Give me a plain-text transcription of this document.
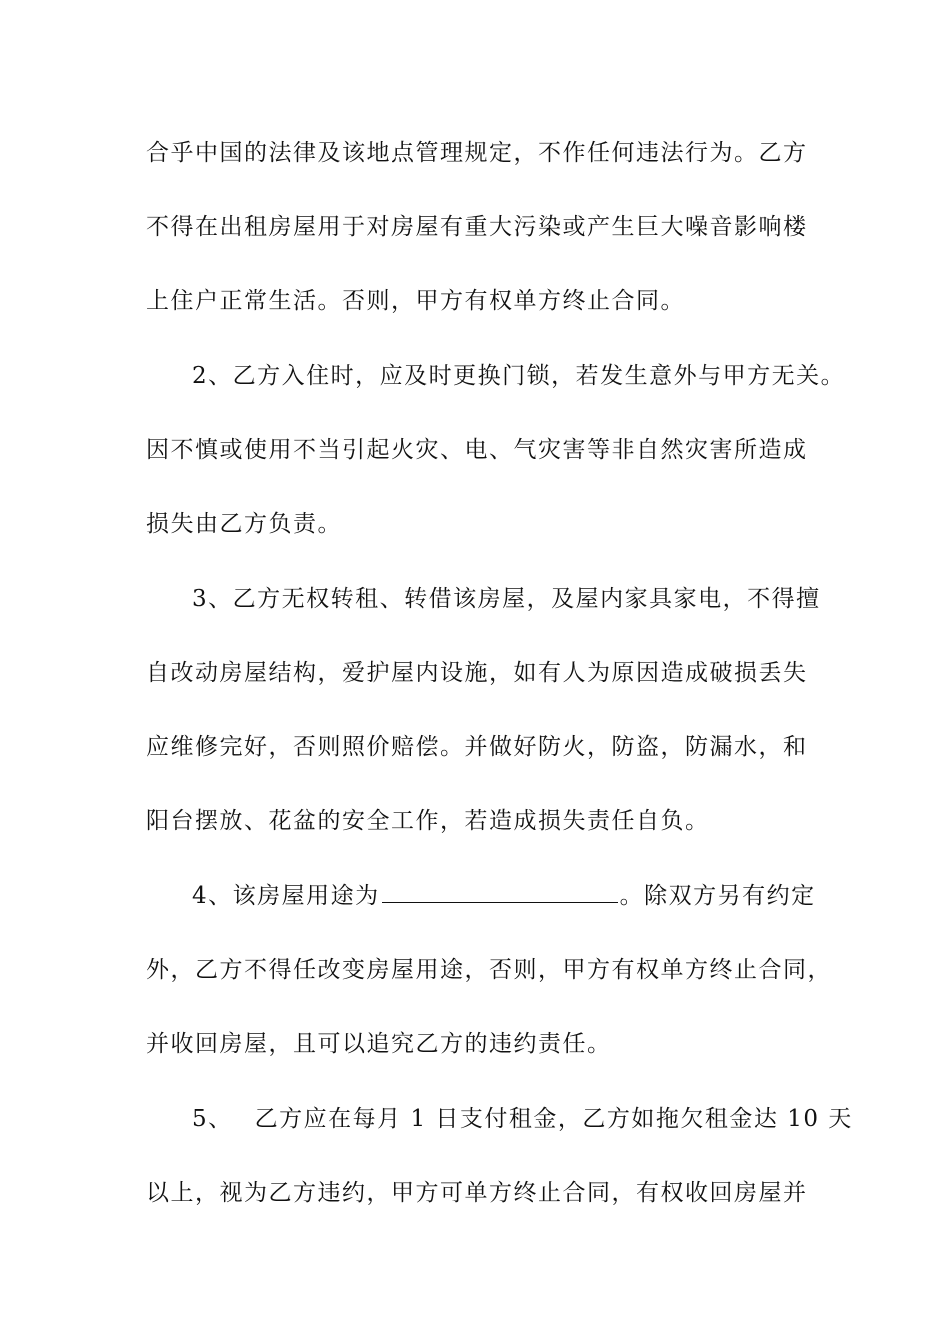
合乎中国的法律及该地点管理规定，不作任何违法行为。乙方

不得在出租房屋用于对房屋有重大污染或产生巨大噪音影响楼

上住户正常生活。否则，甲方有权单方终止合同。

2、乙方入住时，应及时更换门锁，若发生意外与甲方无关。

因不慎或使用不当引起火灾、电、气灾害等非自然灾害所造成

损失由乙方负责。

3、乙方无权转租、转借该房屋，及屋内家具家电，不得擅

自改动房屋结构，爱护屋内设施，如有人为原因造成破损丢失

应维修完好，否则照价赔偿。并做好防火，防盗，防漏水，和

阳台摆放、花盆的安全工作，若造成损失责任自负。

4、该房屋用途为	。除双方另有约定

外，乙方不得任改变房屋用途，否则，甲方有权单方终止合同，

并收回房屋，且可以追究乙方的违约责任。

5、 乙方应在每月 1 日支付租金，乙方如拖欠租金达 10 天

以上，视为乙方违约，甲方可单方终止合同，有权收回房屋并
